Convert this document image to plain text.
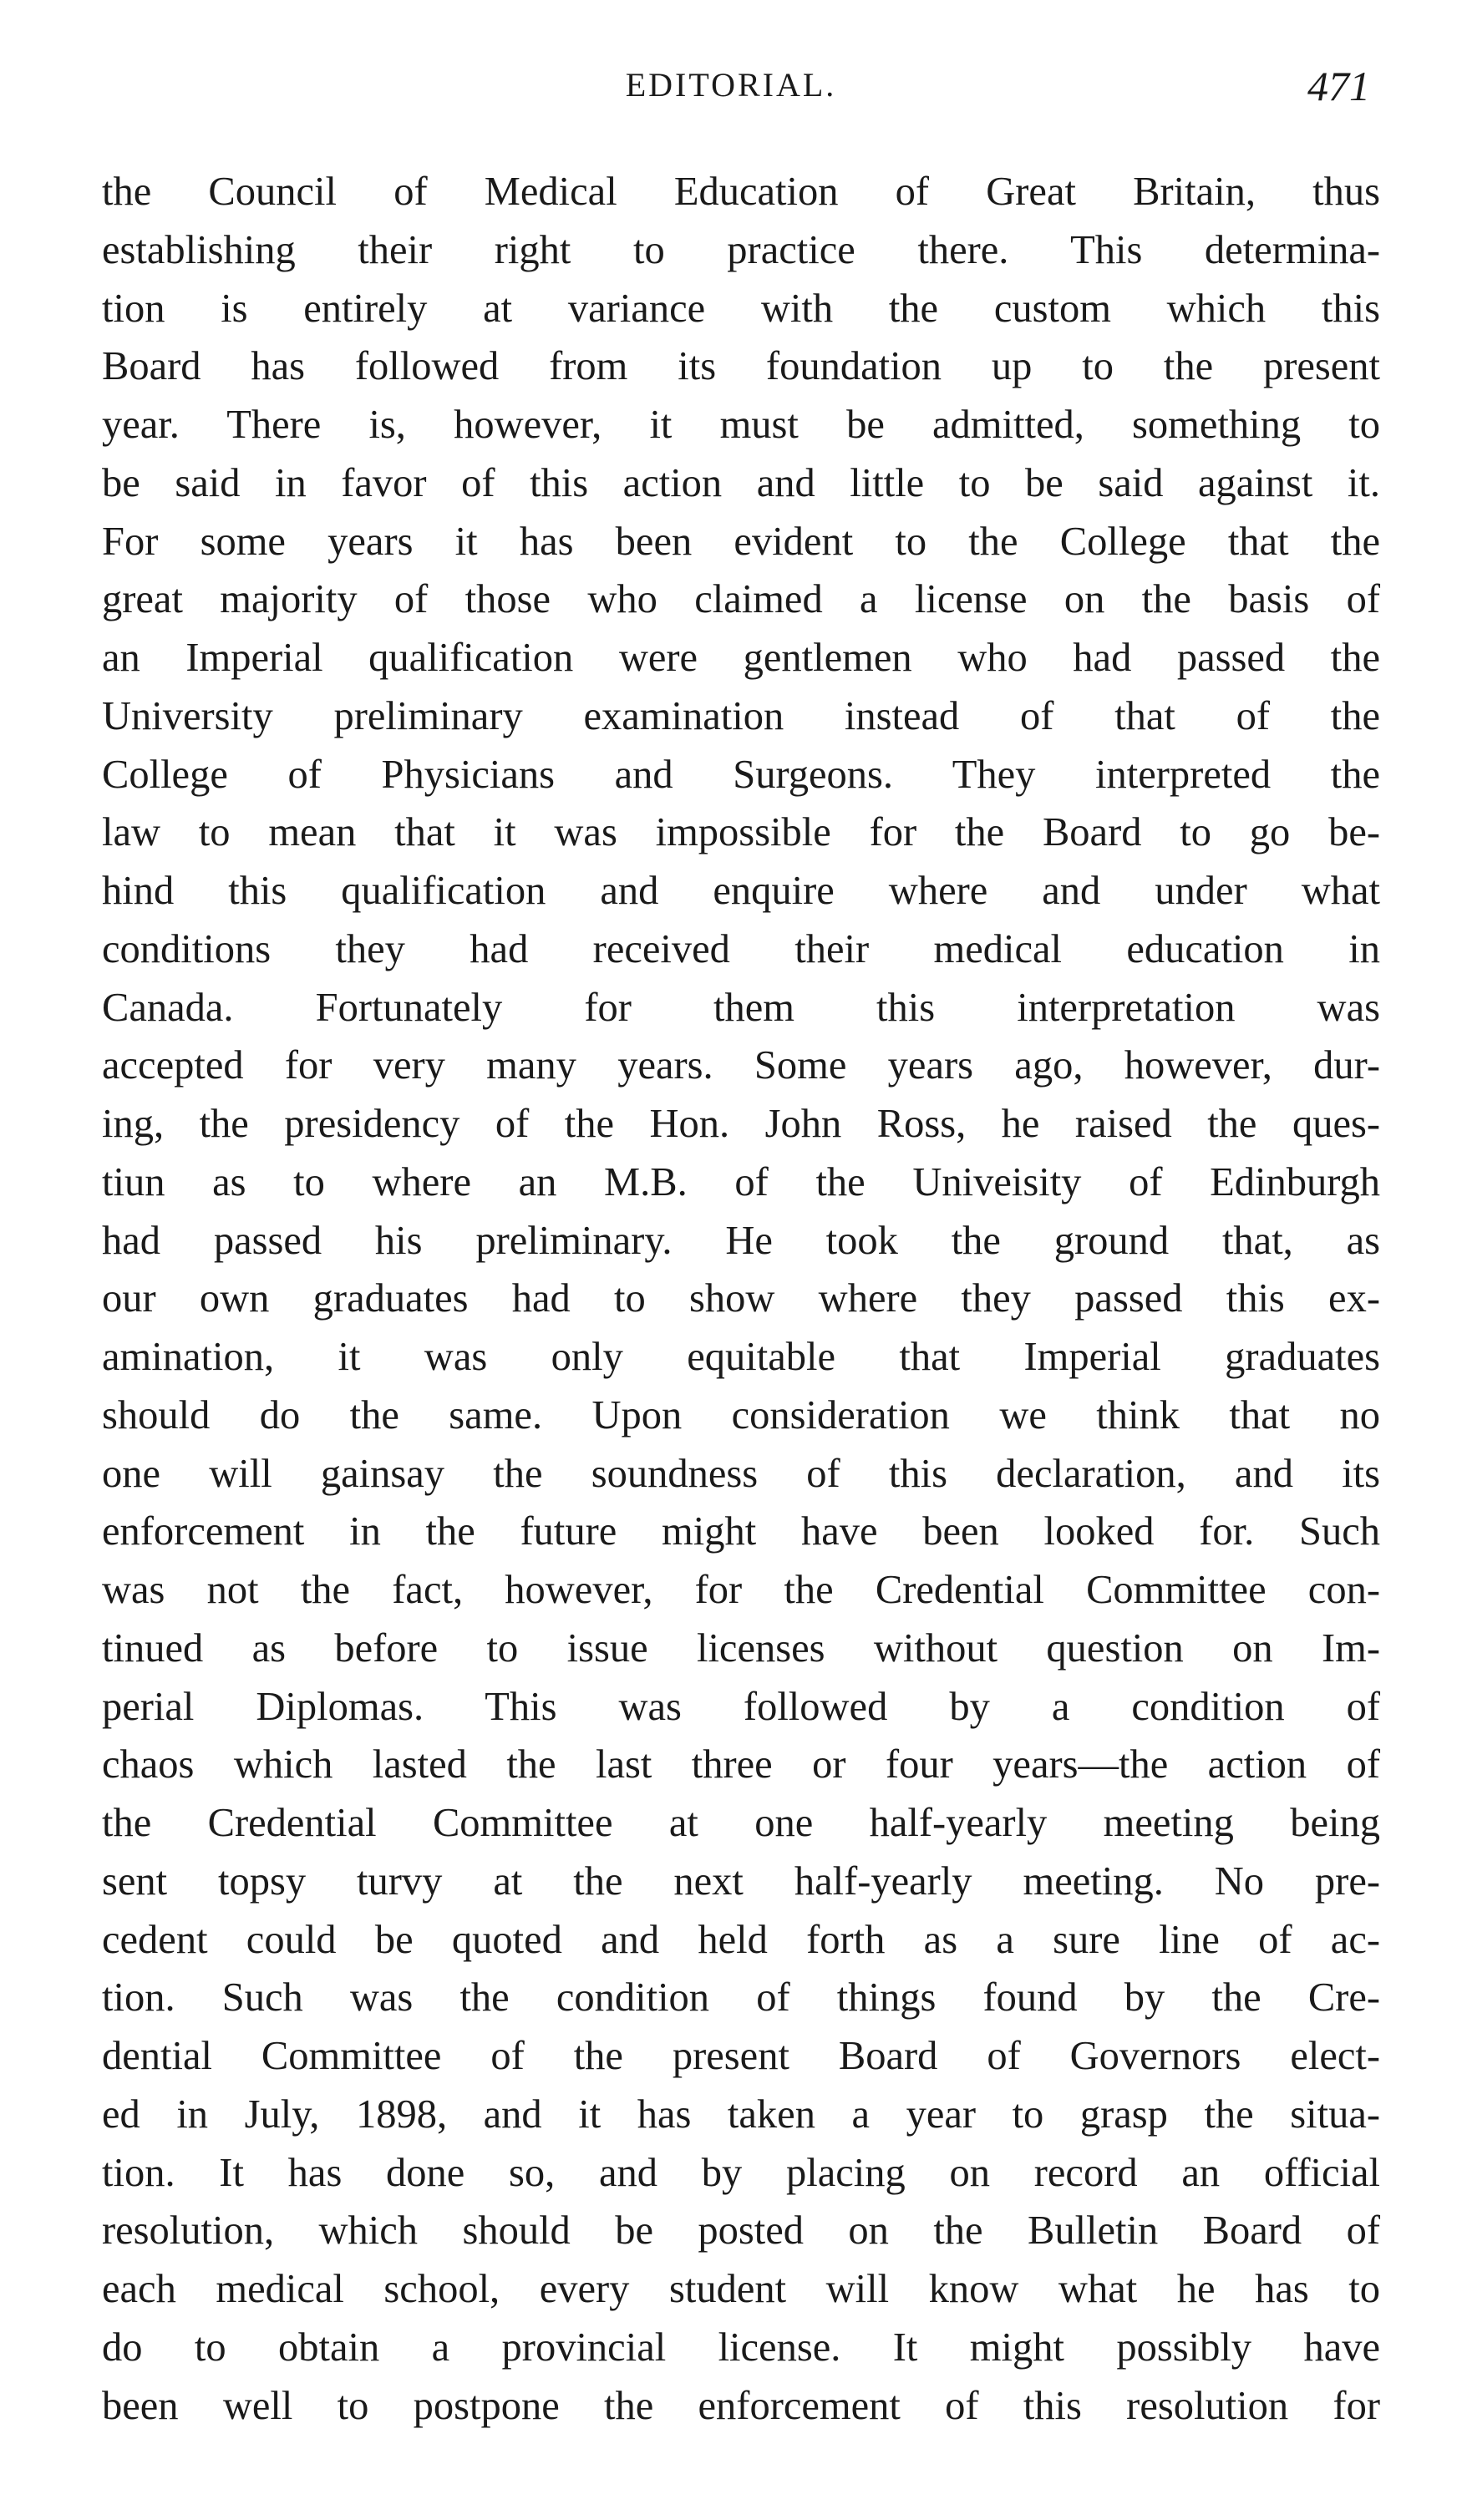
EDITORIAL.	471
the Council of Medical Education of Great Britain, thus
establishing their right to practice there. This determina-
tion is entirely at variance with the custom which this
Board has followed from its foundation up to the present
year. There is, however, it must be admitted, something to
be said in favor of this action and little to be said against it.
For some years it has been evident to the College that the
great majority of those who claimed a license on the basis of
an Imperial qualification were gentlemen who had passed the
University preliminary examination instead of that of the
College of Physicians and Surgeons. They interpreted the
law to mean that it was impossible for the Board to go be-
hind this qualification and enquire where and under what
conditions they had received their medical education in
Canada. Fortunately for them this interpretation was
accepted for very many years. Some years ago, however, dur-
ing, the presidency of the Hon. John Ross, he raised the ques-
tiun as to where an M.B. of the Univeisity of Edinburgh
had passed his preliminary. He took the ground that, as
our own graduates had to show where they passed this ex-
amination, it was only equitable that Imperial graduates
should do the same. Upon consideration we think that no
one will gainsay the soundness of this declaration, and its
enforcement in the future might have been looked for. Such
was not the fact, however, for the Credential Committee con-
tinued as before to issue licenses without question on Im-
perial Diplomas. This was followed by a condition of
chaos which lasted the last three or four years—the action of
the Credential Committee at one half-yearly meeting being
sent topsy turvy at the next half-yearly meeting. No pre-
cedent could be quoted and held forth as a sure line of ac-
tion. Such was the condition of things found by the Cre-
dential Committee of the present Board of Governors elect-
ed in July, 1898, and it has taken a year to grasp the situa-
tion. It has done so, and by placing on record an official
resolution, which should be posted on the Bulletin Board of
each medical school, every student will know what he has to
do to obtain a provincial license. It might possibly have
been well to postpone the enforcement of this resolution for
